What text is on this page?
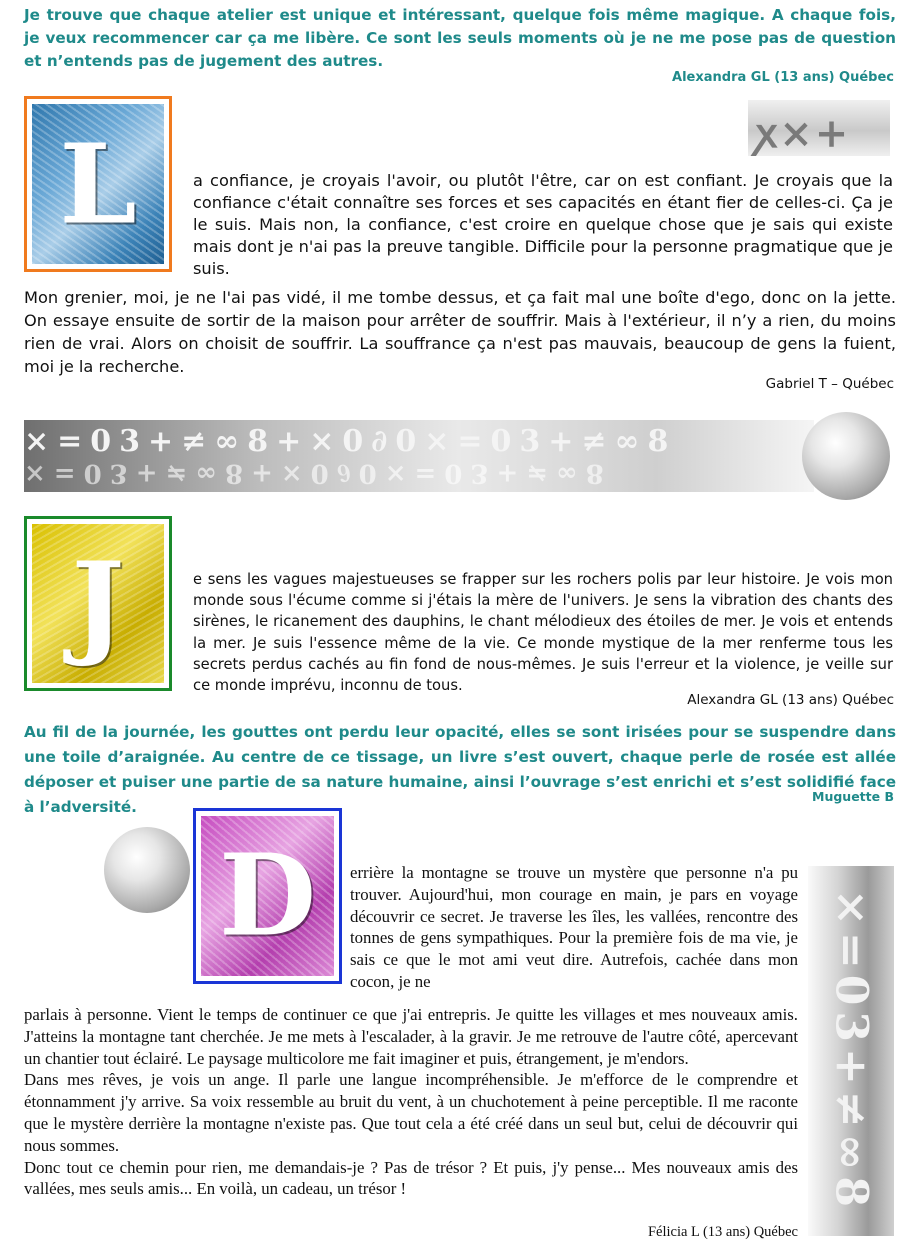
Je trouve que chaque atelier est unique et intéressant, quelque fois même magique. A chaque fois, je veux recommencer car ça me libère. Ce sont les seuls moments où je ne me pose pas de question et n’entends pas de jugement des autres.
Alexandra GL (13 ans) Québec
L	ꭗ×+
a confiance, je croyais l'avoir, ou plutôt l'être, car on est confiant. Je croyais que la confiance c'était connaître ses forces et ses capacités en étant fier de celles-ci. Ça je le suis. Mais non, la confiance, c'est croire en quelque chose que je sais qui existe mais dont je n'ai pas la preuve tangible. Difficile pour la personne pragmatique que je suis.
Mon grenier, moi, je ne l'ai pas vidé, il me tombe dessus, et ça fait mal une boîte d'ego, donc on la jette. On essaye ensuite de sortir de la maison pour arrêter de souffrir. Mais à l'extérieur, il n’y a rien, du moins rien de vrai. Alors on choisit de souffrir. La souffrance ça n'est pas mauvais, beaucoup de gens la fuient, moi je la recherche.
Gabriel T – Québec
×=03+≠∞8+×0∂0×=03+≠∞8
×=03+≠∞8+×0∂0×=03+≠∞8
J	e sens les vagues majestueuses se frapper sur les rochers polis par leur histoire. Je vois mon monde sous l'écume comme si j'étais la mère de l'univers. Je sens la vibration des chants des sirènes, le ricanement des dauphins, le chant mélodieux des étoiles de mer. Je vois et entends la mer. Je suis l'essence même de la vie. Ce monde mystique de la mer renferme tous les secrets perdus cachés au fin fond de nous-mêmes. Je suis l'erreur et la violence, je veille sur ce monde imprévu, inconnu de tous.
Alexandra GL (13 ans) Québec
Au fil de la journée, les gouttes ont perdu leur opacité, elles se sont irisées pour se suspendre dans une toile d’araignée. Au centre de ce tissage, un livre s’est ouvert, chaque perle de rosée est allée déposer et puiser une partie de sa nature humaine, ainsi l’ouvrage s’est enrichi et s’est solidifié face à l’adversité.
Muguette B
D errière la montagne se trouve un mystère que personne n'a pu trouver. Aujourd'hui, mon courage en main, je pars en voyage découvrir ce secret. Je traverse les îles, les vallées, rencontre des tonnes de gens sympathiques. Pour la première fois de ma vie, je sais ce que le mot ami veut dire. Autrefois, cachée dans mon cocon, je ne

parlais à personne. Vient le temps de continuer ce que j'ai entrepris. Je quitte les villages et mes nouveaux amis. J'atteins la montagne tant cherchée. Je me mets à l'escalader, à la gravir. Je me retrouve de l'autre côté, apercevant un chantier tout éclairé. Le paysage multicolore me fait imaginer et puis, étrangement, je m'endors.

Dans mes rêves, je vois un ange. Il parle une langue incompréhensible. Je m'efforce de le comprendre et étonnamment j'y arrive. Sa voix ressemble au bruit du vent, à un chuchotement à peine perceptible. Il me raconte que le mystère derrière la montagne n'existe pas. Que tout cela a été créé dans un seul but, celui de découvrir qui nous sommes.

Donc tout ce chemin pour rien, me demandais-je ? Pas de trésor ? Et puis, j'y pense... Mes nouveaux amis des vallées, mes seuls amis... En voilà, un cadeau, un trésor !

Félicia L (13 ans) Québec
×=03+≠∞8
